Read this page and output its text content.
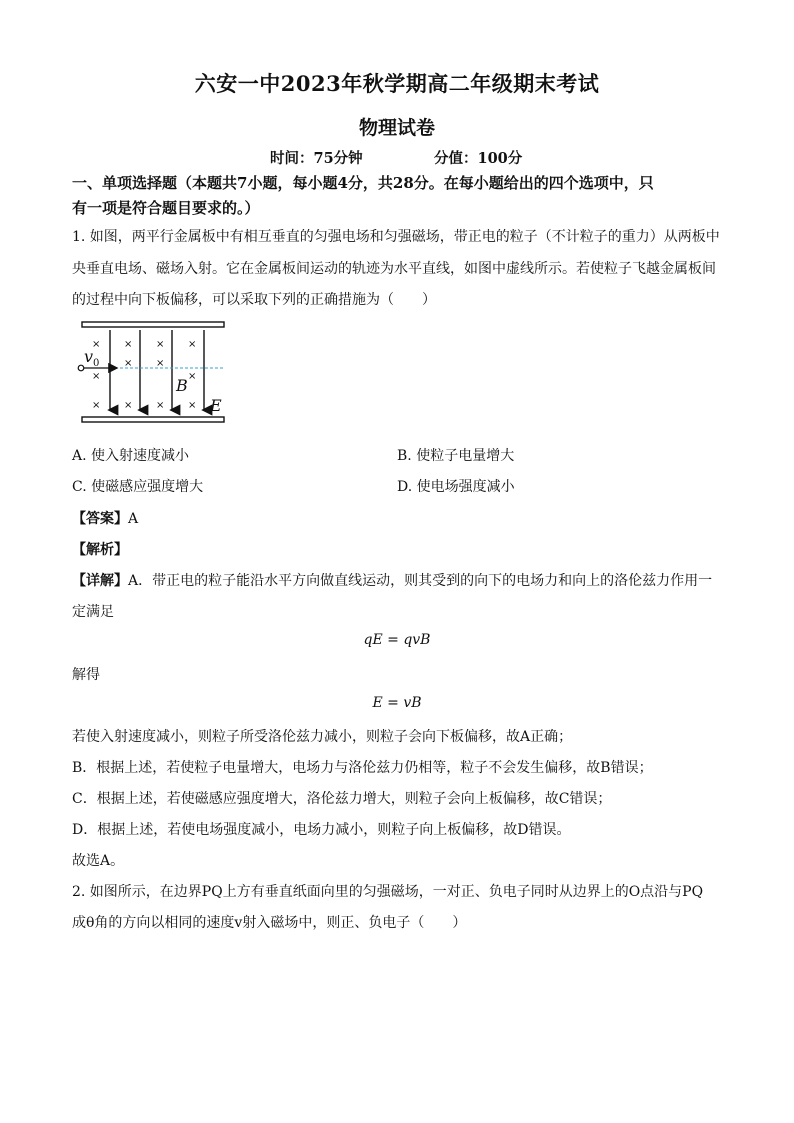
六安一中2023年秋学期高二年级期末考试
物理试卷
时间：75分钟	分值：100分
一、单项选择题（本题共7小题，每小题4分，共28分。在每小题给出的四个选项中，只
有一项是符合题目要求的。）
1. 如图，两平行金属板中有相互垂直的匀强电场和匀强磁场，带正电的粒子（不计粒子的重力）从两板中
央垂直电场、磁场入射。它在金属板间运动的轨迹为水平直线，如图中虚线所示。若使粒子飞越金属板间
的过程中向下板偏移，可以采取下列的正确措施为（　　）
×
×
×
×
×
×
×
×
×
×
×
×
$v_0$
B
E
A. 使入射速度减小	B. 使粒子电量增大
C. 使磁感应强度增大	D. 使电场强度减小
【答案】A
【解析】
【详解】A．带正电的粒子能沿水平方向做直线运动，则其受到的向下的电场力和向上的洛伦兹力作用一
定满足
qE = qvB
解得
E = vB
若使入射速度减小，则粒子所受洛伦兹力减小，则粒子会向下板偏移，故A正确；
B．根据上述，若使粒子电量增大，电场力与洛伦兹力仍相等，粒子不会发生偏移，故B错误；
C．根据上述，若使磁感应强度增大，洛伦兹力增大，则粒子会向上板偏移，故C错误；
D．根据上述，若使电场强度减小，电场力减小，则粒子向上板偏移，故D错误。
故选A。
2. 如图所示，在边界PQ上方有垂直纸面向里的匀强磁场，一对正、负电子同时从边界上的O点沿与PQ
成θ角的方向以相同的速度v射入磁场中，则正、负电子（　　）
